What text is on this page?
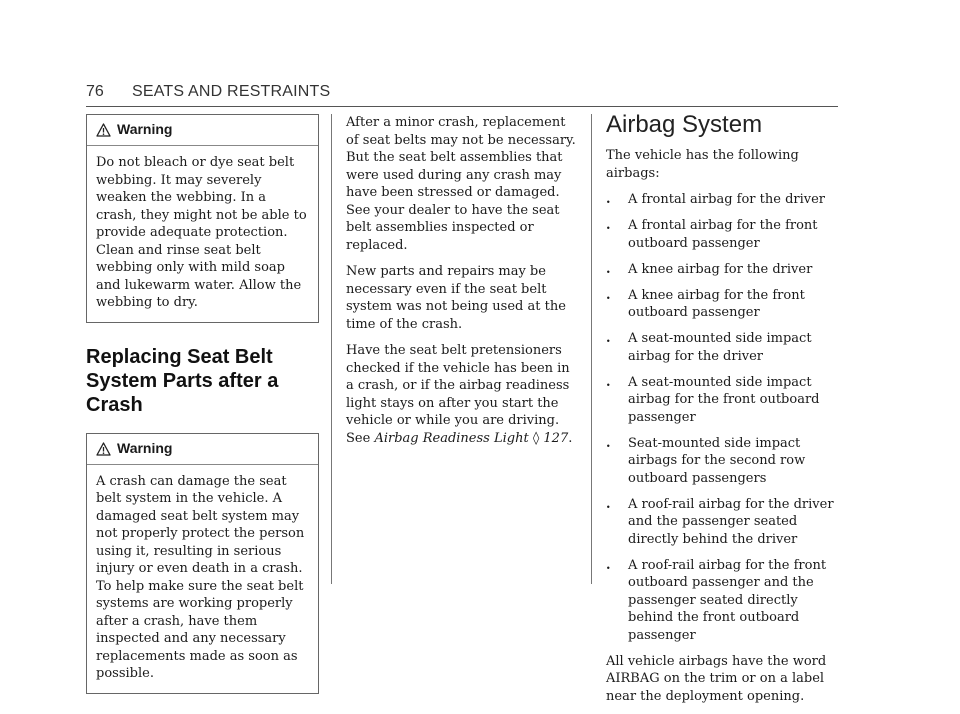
76 SEATS AND RESTRAINTS
Warning

Do not bleach or dye seat belt webbing. It may severely weaken the webbing. In a crash, they might not be able to provide adequate protection. Clean and rinse seat belt webbing only with mild soap and lukewarm water. Allow the webbing to dry.

Replacing Seat Belt System Parts after a Crash
Warning

A crash can damage the seat belt system in the vehicle. A damaged seat belt system may not properly protect the person using it, resulting in serious injury or even death in a crash. To help make sure the seat belt systems are working properly after a crash, have them inspected and any necessary replacements made as soon as possible.

After a minor crash, replacement of seat belts may not be necessary. But the seat belt assemblies that were used during any crash may have been stressed or damaged. See your dealer to have the seat belt assemblies inspected or replaced.

New parts and repairs may be necessary even if the seat belt system was not being used at the time of the crash.

Have the seat belt pretensioners checked if the vehicle has been in a crash, or if the airbag readiness light stays on after you start the vehicle or while you are driving. See Airbag Readiness Light ◊ 127.

Airbag System

The vehicle has the following airbags:

. A frontal airbag for the driver
. A frontal airbag for the front outboard passenger
. A knee airbag for the driver
. A knee airbag for the front outboard passenger
. A seat-mounted side impact airbag for the driver
. A seat-mounted side impact airbag for the front outboard passenger
. Seat-mounted side impact airbags for the second row outboard passengers
. A roof-rail airbag for the driver and the passenger seated directly behind the driver
. A roof-rail airbag for the front outboard passenger and the passenger seated directly behind the front outboard passenger

All vehicle airbags have the word AIRBAG on the trim or on a label near the deployment opening.
